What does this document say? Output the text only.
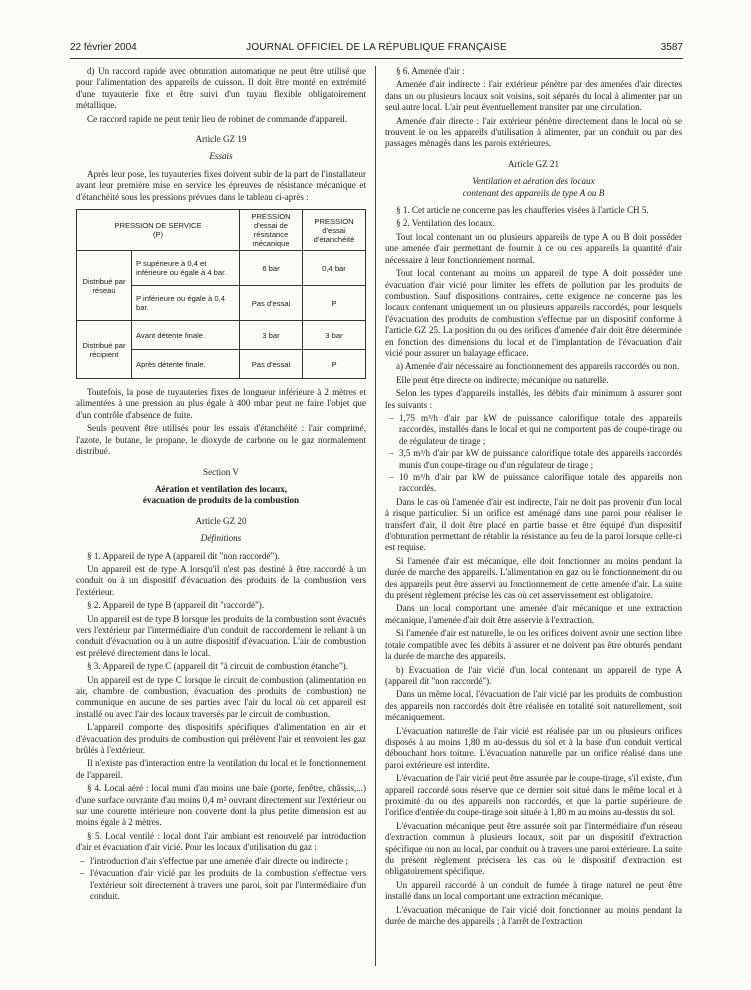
22 février 2004	JOURNAL OFFICIEL DE LA RÉPUBLIQUE FRANÇAISE	3587

d) Un raccord rapide avec obturation automatique ne peut être utilisé que pour l'alimentation des appareils de cuisson. Il doit être monté en extrémité d'une tuyauterie fixe et être suivi d'un tuyau flexible obligatoirement métallique.

Ce raccord rapide ne peut tenir lieu de robinet de commande d'appareil.

Article GZ 19
Essais

Après leur pose, les tuyauteries fixes doivent subir de la part de l'installateur avant leur première mise en service les épreuves de résistance mécanique et d'étanchéité sous les pressions prévues dans le tableau ci-après :

PRESSION DE SERVICE
(P)		PRESSION d'essai de résistance mécanique	PRESSION d'essai d'étanchéité
Distribué par réseau	P supérieure à 0,4 et inférieure ou égale à 4 bar.	6 bar	0,4 bar
	P inférieure ou égale à 0,4 bar.	Pas d'essai	P
Distribué par récipient	Avant détente finale.	3 bar	3 bar
	Après détente finale.	Pas d'essai	P

Toutefois, la pose de tuyauteries fixes de longueur inférieure à 2 mètres et alimentées à une pression au plus égale à 400 mbar peut ne faire l'objet que d'un contrôle d'absence de fuite.

Seuls peuvent être utilisés pour les essais d'étanchéité : l'air comprimé, l'azote, le butane, le propane, le dioxyde de carbone ou le gaz normalement distribué.

Section V
Aération et ventilation des locaux,
évacuation de produits de la combustion
Article GZ 20
Définitions

§ 1. Appareil de type A (appareil dit "non raccordé").

Un appareil est de type A lorsqu'il n'est pas destiné à être raccordé à un conduit ou à un dispositif d'évacuation des produits de la combustion vers l'extérieur.

§ 2. Appareil de type B (appareil dit "raccordé").

Un appareil est de type B lorsque les produits de la combustion sont évacués vers l'extérieur par l'intermédiaire d'un conduit de raccordement le reliant à un conduit d'évacuation ou à un autre dispositif d'évacuation. L'air de combustion est prélevé directement dans le local.

§ 3. Appareil de type C (appareil dit "à circuit de combustion étanche").

Un appareil est de type C lorsque le circuit de combustion (alimentation en air, chambre de combustion, évacuation des produits de combustion) ne communique en aucune de ses parties avec l'air du local où cet appareil est installé ou avec l'air des locaux traversés par le circuit de combustion.

L'appareil comporte des dispositifs spécifiques d'alimentation en air et d'évacuation des produits de combustion qui prélèvent l'air et renvoient les gaz brûlés à l'extérieur.

Il n'existe pas d'interaction entre la ventilation du local et le fonctionnement de l'appareil.

§ 4. Local aéré : local muni d'au moins une baie (porte, fenêtre, châssis,...) d'une surface ouvrante d'au moins 0,4 m² ouvrant directement sur l'extérieur ou sur une courette intérieure non couverte dont la plus petite dimension est au moins égale à 2 mètres.

§ 5. Local ventilé : local dont l'air ambiant est renouvelé par introduction d'air et évacuation d'air vicié. Pour les locaux d'utilisation du gaz :

– l'introduction d'air s'effectue par une amenée d'air directe ou indirecte ;
– l'évacuation d'air vicié par les produits de la combustion s'effectue vers l'extérieur soit directement à travers une paroi, soit par l'intermédiaire d'un conduit.

§ 6. Amenée d'air :

Amenée d'air indirecte : l'air extérieur pénètre par des amenées d'air directes dans un ou plusieurs locaux soit voisins, soit séparés du local à alimenter par un seul autre local. L'air peut éventuellement transiter par une circulation.

Amenée d'air directe : l'air extérieur pénètre directement dans le local où se trouvent le ou les appareils d'utilisation à alimenter, par un conduit ou par des passages ménagés dans les parois extérieures.

Article GZ 21
Ventilation et aération des locaux
contenant des appareils de type A ou B

§ 1. Cet article ne concerne pas les chaufferies visées à l'article CH 5.

§ 2. Ventilation des locaux.

Tout local contenant un ou plusieurs appareils de type A ou B doit posséder une amenée d'air permettant de fournir à ce ou ces appareils la quantité d'air nécessaire à leur fonctionnement normal.

Tout local contenant au moins un appareil de type A doit posséder une évacuation d'air vicié pour limiter les effets de pollution par les produits de combustion. Sauf dispositions contraires, cette exigence ne concerne pas les locaux contenant uniquement un ou plusieurs appareils raccordés, pour lesquels l'évacuation des produits de combustion s'effectue par un dispositif conforme à l'article GZ 25. La position du ou des orifices d'amenée d'air doit être déterminée en fonction des dimensions du local et de l'implantation de l'évacuation d'air vicié pour assurer un balayage efficace.

a) Amenée d'air nécessaire au fonctionnement des appareils raccordés ou non.

Elle peut être directe ou indirecte, mécanique ou naturelle.

Selon les types d'appareils installés, les débits d'air minimum à assurer sont les suivants :

– 1,75 m³/h d'air par kW de puissance calorifique totale des appareils raccordés, installés dans le local et qui ne comportent pas de coupe-tirage ou de régulateur de tirage ;
– 3,5 m³/h d'air par kW de puissance calorifique totale des appareils raccordés munis d'un coupe-tirage ou d'un régulateur de tirage ;
– 10 m³/h d'air par kW de puissance calorifique totale des appareils non raccordés.

Dans le cas où l'amenée d'air est indirecte, l'air ne doit pas provenir d'un local à risque particulier. Si un orifice est aménagé dans une paroi pour réaliser le transfert d'air, il doit être placé en partie basse et être équipé d'un dispositif d'obturation permettant de rétablir la résistance au feu de la paroi lorsque celle-ci est requise.

Si l'amenée d'air est mécanique, elle doit fonctionner au moins pendant la durée de marche des appareils. L'alimentation en gaz ou le fonctionnement du ou des appareils peut être asservi au fonctionnement de cette amenée d'air. La suite du présent règlement précise les cas où cet asservissement est obligatoire.

Dans un local comportant une amenée d'air mécanique et une extraction mécanique, l'amenée d'air doit être asservie à l'extraction.

Si l'amenée d'air est naturelle, le ou les orifices doivent avoir une section libre totale compatible avec les débits à assurer et ne doivent pas être obturés pendant la durée de marche des appareils.

b) Evacuation de l'air vicié d'un local contenant un appareil de type A (appareil dit "non raccordé").

Dans un même local, l'évacuation de l'air vicié par les produits de combustion des appareils non raccordés doit être réalisée en totalité soit naturellement, soit mécaniquement.

L'évacuation naturelle de l'air vicié est réalisée par un ou plusieurs orifices disposés à au moins 1,80 m au-dessus du sol et à la base d'un conduit vertical débouchant hors toiture. L'évacuation naturelle par un orifice réalisé dans une paroi extérieure est interdite.

L'évacuation de l'air vicié peut être assurée par le coupe-tirage, s'il existe, d'un appareil raccordé sous réserve que ce dernier soit situé dans le même local et à proximité du ou des appareils non raccordés, et que la partie supérieure de l'orifice d'entrée du coupe-tirage soit située à 1,80 m au moins au-dessus du sol.

L'évacuation mécanique peut être assurée soit par l'intermédiaire d'un réseau d'extraction commun à plusieurs locaux, soit par un dispositif d'extraction spécifique ou non au local, par conduit ou à travers une paroi extérieure. La suite du présent règlement précisera les cas où le dispositif d'extraction est obligatoirement spécifique.

Un appareil raccordé à un conduit de fumée à tirage naturel ne peut être installé dans un local comportant une extraction mécanique.

L'évacuation mécanique de l'air vicié doit fonctionner au moins pendant la durée de marche des appareils ; à l'arrêt de l'extraction
